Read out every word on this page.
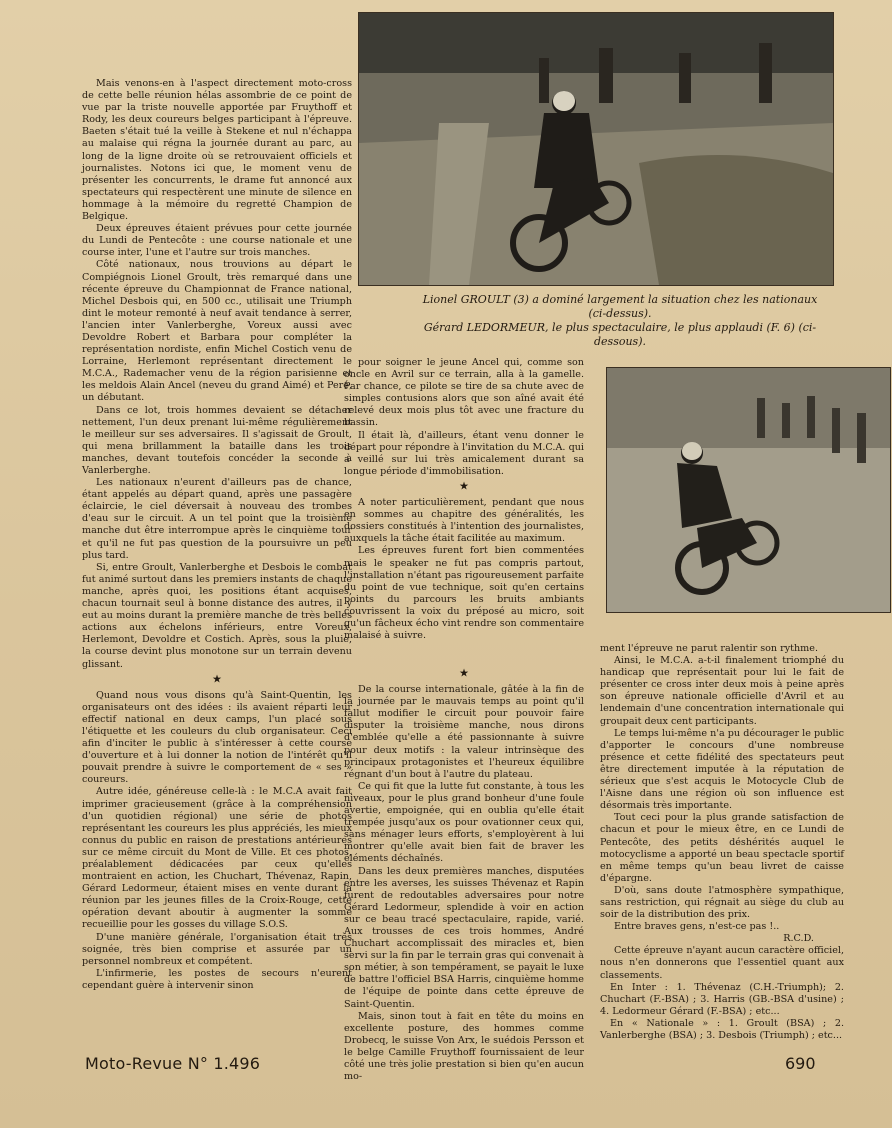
Lionel GROULT (3) a dominé largement la situation chez les nationaux (ci-dessus).
Gérard LEDORMEUR, le plus spectaculaire, le plus applaudi (F. 6) (ci-dessous).

Mais venons-en à l'aspect directement moto-cross de cette belle réunion hélas assombrie de ce point de vue par la triste nouvelle apportée par Fruythoff et Rody, les deux coureurs belges participant à l'épreuve. Baeten s'était tué la veille à Stekene et nul n'échappa au malaise qui régna la journée durant au parc, au long de la ligne droite où se retrouvaient officiels et journalistes. Notons ici que, le moment venu de présenter les concurrents, le drame fut annoncé aux spectateurs qui respectèrent une minute de silence en hommage à la mémoire du regretté Champion de Belgique.

Deux épreuves étaient prévues pour cette journée du Lundi de Pentecôte : une course nationale et une course inter, l'une et l'autre sur trois manches.

Côté nationaux, nous trouvions au départ le Compiégnois Lionel Groult, très remarqué dans une récente épreuve du Championnat de France national, Michel Desbois qui, en 500 cc., utilisait une Triumph dint le moteur remonté à neuf avait tendance à serrer, l'ancien inter Vanlerberghe, Voreux aussi avec Devoldre Robert et Barbara pour compléter la représentation nordiste, enfin Michel Costich venu de Lorraine, Herlemont représentant directement le M.C.A., Rademacher venu de la région parisienne et les meldois Alain Ancel (neveu du grand Aimé) et Peré, un débutant.

Dans ce lot, trois hommes devaient se détacher nettement, l'un deux prenant lui-même régulièrement le meilleur sur ses adversaires. Il s'agissait de Groult, qui mena brillamment la bataille dans les trois manches, devant toutefois concéder la seconde à Vanlerberghe.

Les nationaux n'eurent d'ailleurs pas de chance, étant appelés au départ quand, après une passagère éclaircie, le ciel déversait à nouveau des trombes d'eau sur le circuit. A un tel point que la troisième manche dut être interrompue après le cinquième tour et qu'il ne fut pas question de la poursuivre un peu plus tard.

Si, entre Groult, Vanlerberghe et Desbois le combat fut animé surtout dans les premiers instants de chaque manche, après quoi, les positions étant acquises, chacun tournait seul à bonne distance des autres, il y eut au moins durant la première manche de très belles actions aux échelons inférieurs, entre Voreux, Herlemont, Devoldre et Costich. Après, sous la pluie, la course devint plus monotone sur un terrain devenu glissant.

★

Quand nous vous disons qu'à Saint-Quentin, les organisateurs ont des idées : ils avaient réparti leur effectif national en deux camps, l'un placé sous l'étiquette et les couleurs du club organisateur. Ceci afin d'inciter le public à s'intéresser à cette course d'ouverture et à lui donner la notion de l'intérêt qu'il pouvait prendre à suivre le comportement de « ses » coureurs.

Autre idée, généreuse celle-là : le M.C.A avait fait imprimer gracieusement (grâce à la compréhension d'un quotidien régional) une série de photos représentant les coureurs les plus appréciés, les mieux connus du public en raison de prestations antérieures sur ce même circuit du Mont de Ville. Et ces photos, préalablement dédicacées par ceux qu'elles montraient en action, les Chuchart, Thévenaz, Rapin, Gérard Ledormeur, étaient mises en vente durant la réunion par les jeunes filles de la Croix-Rouge, cette opération devant aboutir à augmenter la somme recueillie pour les gosses du village S.O.S.

D'une manière générale, l'organisation était très soignée, très bien comprise et assurée par un personnel nombreux et compétent.

L'infirmerie, les postes de secours n'eurent cependant guère à intervenir sinon

pour soigner le jeune Ancel qui, comme son oncle en Avril sur ce terrain, alla à la gamelle. Par chance, ce pilote se tire de sa chute avec de simples contusions alors que son aîné avait été relevé deux mois plus tôt avec une fracture du bassin.

Il était là, d'ailleurs, étant venu donner le départ pour répondre à l'invitation du M.C.A. qui a veillé sur lui très amicalement durant sa longue période d'immobilisation.

★

A noter particulièrement, pendant que nous en sommes au chapitre des généralités, les dossiers constitués à l'intention des journalistes, auxquels la tâche était facilitée au maximum.

Les épreuves furent fort bien commentées mais le speaker ne fut pas compris partout, l'installation n'étant pas rigoureusement parfaite du point de vue technique, soit qu'en certains points du parcours les bruits ambiants couvrissent la voix du préposé au micro, soit qu'un fâcheux écho vint rendre son commentaire malaisé à suivre.

★

De la course internationale, gâtée à la fin de la journée par le mauvais temps au point qu'il fallut modifier le circuit pour pouvoir faire disputer la troisième manche, nous dirons d'emblée qu'elle a été passionnante à suivre pour deux motifs : la valeur intrinsèque des principaux protagonistes et l'heureux équilibre régnant d'un bout à l'autre du plateau.

Ce qui fit que la lutte fut constante, à tous les niveaux, pour le plus grand bonheur d'une foule avertie, empoignée, qui en oublia qu'elle était trempée jusqu'aux os pour ovationner ceux qui, sans ménager leurs efforts, s'employèrent à lui montrer qu'elle avait bien fait de braver les éléments déchaînés.

Dans les deux premières manches, disputées entre les averses, les suisses Thévenaz et Rapin furent de redoutables adversaires pour notre Gérard Ledormeur, splendide à voir en action sur ce beau tracé spectaculaire, rapide, varié. Aux trousses de ces trois hommes, André Chuchart accomplissait des miracles et, bien servi sur la fin par le terrain gras qui convenait à son métier, à son tempérament, se payait le luxe de battre l'officiel BSA Harris, cinquième homme de l'équipe de pointe dans cette épreuve de Saint-Quentin.

Mais, sinon tout à fait en tête du moins en excellente posture, des hommes comme Drobecq, le suisse Von Arx, le suédois Persson et le belge Camille Fruythoff fournissaient de leur côté une très jolie prestation si bien qu'en aucun mo-

ment l'épreuve ne parut ralentir son rythme.

Ainsi, le M.C.A. a-t-il finalement triomphé du handicap que représentait pour lui le fait de présenter ce cross inter deux mois à peine après son épreuve nationale officielle d'Avril et au lendemain d'une concentration internationale qui groupait deux cent participants.

Le temps lui-même n'a pu décourager le public d'apporter le concours d'une nombreuse présence et cette fidélité des spectateurs peut être directement imputée à la réputation de sérieux que s'est acquis le Motocycle Club de l'Aisne dans une région où son influence est désormais très importante.

Tout ceci pour la plus grande satisfaction de chacun et pour le mieux être, en ce Lundi de Pentecôte, des petits déshérités auquel le motocyclisme a apporté un beau spectacle sportif en même temps qu'un beau livret de caisse d'épargne.

D'où, sans doute l'atmosphère sympathique, sans restriction, qui régnait au siège du club au soir de la distribution des prix.

Entre braves gens, n'est-ce pas !..

R.C.D.

Cette épreuve n'ayant aucun caractère officiel, nous n'en donnerons que l'essentiel quant aux classements.

En Inter : 1. Thévenaz (C.H.-Triumph); 2. Chuchart (F.-BSA) ; 3. Harris (GB.-BSA d'usine) ; 4. Ledormeur Gérard (F.-BSA) ; etc...

En « Nationale » : 1. Groult (BSA) ; 2. Vanlerberghe (BSA) ; 3. Desbois (Triumph) ; etc...

Moto-Revue N° 1.496	690
